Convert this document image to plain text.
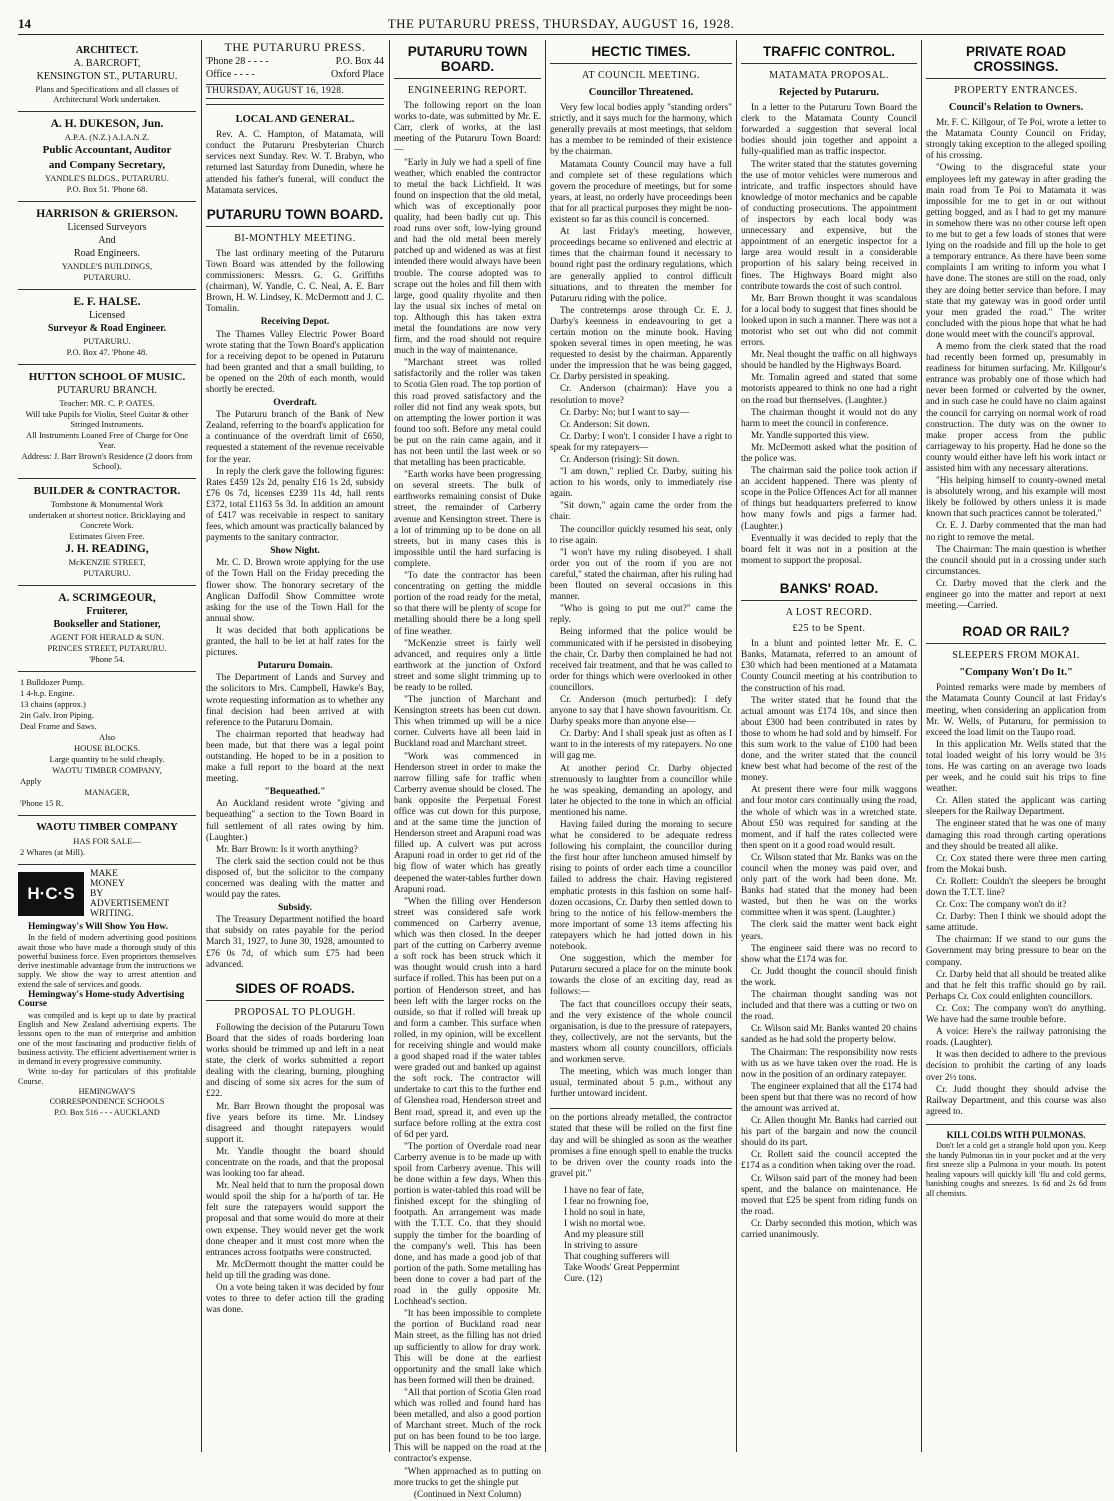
14	THE PUTARURU PRESS, THURSDAY, AUGUST 16, 1928.

ARCHITECT.

A. BARCROFT,

KENSINGTON ST., PUTARURU.

Plans and Specifications and all classes of Architectural Work undertaken.

A. H. DUKESON, Jun.

A.P.A. (N.Z.) A.I.A.N.Z.

Public Accountant, Auditor

and Company Secretary,

YANDLE'S BLDGS., PUTARURU.

P.O. Box 51. 'Phone 68.

HARRISON & GRIERSON.

Licensed Surveyors

And

Road Engineers.

YANDLE'S BUILDINGS,

PUTARURU.

E. F. HALSE.

Licensed

Surveyor & Road Engineer.

PUTARURU.

P.O. Box 47. 'Phone 48.

HUTTON SCHOOL OF MUSIC.

PUTARURU BRANCH.

Teacher: MR. C. P. OATES.

Will take Pupils for Violin, Steel Guitar & other Stringed Instruments.

All Instruments Loaned Free of Charge for One Year.

Address: J. Barr Brown's Residence (2 doors from School).

BUILDER & CONTRACTOR.

Tombstone & Monumental Work

undertaken at shortest notice. Bricklaying and Concrete Work.

Estimates Given Free.

J. H. READING,

McKENZIE STREET,

PUTARURU.

A. SCRIMGEOUR,

Fruiterer,

Bookseller and Stationer,

AGENT FOR HERALD & SUN.

PRINCES STREET, PUTARURU.

'Phone 54.

1 Bulldozer Pump.

1 4-h.p. Engine.

13 chains (approx.)

2in Galv. Iron Piping.

Deal Frame and Saws.

Also

HOUSE BLOCKS.

Large quantity to be sold cheaply.

WAOTU TIMBER COMPANY,

Apply

MANAGER,

'Phone 15 R.

WAOTU TIMBER COMPANY

HAS FOR SALE—

2 Whares (at Mill).

H·C·S
MAKE
MONEY
BY
ADVERTISEMENT
WRITING.

Hemingway's Will Show You How.

In the field of modern advertising good positions await those who have made a thorough study of this powerful business force. Even proprietors themselves derive inestimable advantage from the instructions we supply. We show the way to arrest attention and extend the sale of services and goods.

Hemingway's Home-study Advertising Course

was compiled and is kept up to date by practical English and New Zealand advertising experts. The lessons open to the man of enterprise and ambition one of the most fascinating and productive fields of business activity. The efficient advertisement writer is in demand in every progressive community.

Write to-day for particulars of this profitable Course.

HEMINGWAY'S

CORRESPONDENCE SCHOOLS

P.O. Box 516 - - - AUCKLAND

THE PUTARURU PRESS.
'Phone 28 - - - -	P.O. Box 44
Office - - - -	Oxford Place
THURSDAY, AUGUST 16, 1928.
LOCAL AND GENERAL.

Rev. A. C. Hampton, of Matamata, will conduct the Putaruru Presbyterian Church services next Sunday. Rev. W. T. Brabyn, who returned last Saturday from Dunedin, where he attended his father's funeral, will conduct the Matamata services.

PUTARURU TOWN BOARD.
BI-MONTHLY MEETING.

The last ordinary meeting of the Putaruru Town Board was attended by the following commissioners: Messrs. G. G. Griffiths (chairman), W. Yandle, C. C. Neal, A. E. Barr Brown, H. W. Lindsey, K. McDermott and J. C. Tomalin.

Receiving Depot.

The Thames Valley Electric Power Board wrote stating that the Town Board's application for a receiving depot to be opened in Putaruru had been granted and that a small building, to be opened on the 20th of each month, would shortly be erected.

Overdraft.

The Putaruru branch of the Bank of New Zealand, referring to the board's application for a continuance of the overdraft limit of £650, requested a statement of the revenue receivable for the year.

In reply the clerk gave the following figures: Rates £459 12s 2d, penalty £16 1s 2d, subsidy £76 0s 7d, licenses £239 11s 4d, hall rents £372, total £1163 5s 3d. In addition an amount of £417 was receivable in respect to sanitary fees, which amount was practically balanced by payments to the sanitary contractor.

Show Night.

Mr. C. D. Brown wrote applying for the use of the Town Hall on the Friday preceding the flower show. The honorary secretary of the Anglican Daffodil Show Committee wrote asking for the use of the Town Hall for the annual show.

It was decided that both applications be granted, the hall to be let at half rates for the pictures.

Putaruru Domain.

The Department of Lands and Survey and the solicitors to Mrs. Campbell, Hawke's Bay, wrote requesting information as to whether any final decision had been arrived at with reference to the Putaruru Domain.

The chairman reported that headway had been made, but that there was a legal point outstanding. He hoped to be in a position to make a full report to the board at the next meeting.

"Bequeathed."

An Auckland resident wrote "giving and bequeathing" a section to the Town Board in full settlement of all rates owing by him. (Laughter.)

Mr. Barr Brown: Is it worth anything?

The clerk said the section could not be thus disposed of, but the solicitor to the company concerned was dealing with the matter and would pay the rates.

Subsidy.

The Treasury Department notified the board that subsidy on rates payable for the period March 31, 1927, to June 30, 1928, amounted to £76 0s 7d, of which sum £75 had been advanced.

SIDES OF ROADS.
PROPOSAL TO PLOUGH.

Following the decision of the Putaruru Town Board that the sides of roads bordering loan works should be trimmed up and left in a neat state, the clerk of works submitted a report dealing with the clearing, burning, ploughing and discing of some six acres for the sum of £22.

Mr. Barr Brown thought the proposal was five years before its time. Mr. Lindsey disagreed and thought ratepayers would support it.

Mr. Yandle thought the board should concentrate on the roads, and that the proposal was looking too far ahead.

Mr. Neal held that to turn the proposal down would spoil the ship for a ha'porth of tar. He felt sure the ratepayers would support the proposal and that some would do more at their own expense. They would never get the work done cheaper and it must cost more when the entrances across footpaths were constructed.

Mr. McDermott thought the matter could be held up till the grading was done.

On a vote being taken it was decided by four votes to three to defer action till the grading was done.

PUTARURU TOWN BOARD.
ENGINEERING REPORT.

The following report on the loan works to-date, was submitted by Mr. E. Carr, clerk of works, at the last meeting of the Putaruru Town Board:—

"Early in July we had a spell of fine weather, which enabled the contractor to metal the back Lichfield. It was found on inspection that the old metal, which was of exceptionally poor quality, had been badly cut up. This road runs over soft, low-lying ground and had the old metal been merely patched up and widened as was at first intended there would always have been trouble. The course adopted was to scrape out the holes and fill them with large, good quality rhyolite and then lay the usual six inches of metal on top. Although this has taken extra metal the foundations are now very firm, and the road should not require much in the way of maintenance.

"Marchant street was rolled satisfactorily and the roller was taken to Scotia Glen road. The top portion of this road proved satisfactory and the roller did not find any weak spots, but on attempting the lower portion it was found too soft. Before any metal could be put on the rain came again, and it has not been until the last week or so that metalling has been practicable.

"Earth works have been progressing on several streets. The bulk of earthworks remaining consist of Duke street, the remainder of Carberry avenue and Kensington street. There is a lot of trimming up to be done on all streets, but in many cases this is impossible until the hard surfacing is complete.

"To date the contractor has been concentrating on getting the middle portion of the road ready for the metal, so that there will be plenty of scope for metalling should there be a long spell of fine weather.

"McKenzie street is fairly well advanced, and requires only a little earthwork at the junction of Oxford street and some slight trimming up to be ready to be rolled.

"The junction of Marchant and Kensington streets has been cut down. This when trimmed up will be a nice corner. Culverts have all been laid in Buckland road and Marchant street.

"Work was commenced in Henderson street in order to make the narrow filling safe for traffic when Carberry avenue should be closed. The bank opposite the Perpetual Forest office was cut down for this purpose, and at the same time the junction of Henderson street and Arapuni road was filled up. A culvert was put across Arapuni road in order to get rid of the big flow of water which has greatly deepened the water-tables further down Arapuni road.

"When the filling over Henderson street was considered safe work commenced on Carberry avenue, which was then closed. In the deeper part of the cutting on Carberry avenue a soft rock has been struck which it was thought would crush into a hard surface if rolled. This has been put on a portion of Henderson street, and has been left with the larger rocks on the outside, so that if rolled will break up and form a camber. This surface when rolled, in my opinion, will be excellent for receiving shingle and would make a good shaped road if the water tables were graded out and banked up against the soft rock. The contractor will undertake to cart this to the further end of Glenshea road, Henderson street and Bent road, spread it, and even up the surface before rolling at the extra cost of 6d per yard.

"The portion of Overdale road near Carberry avenue is to be made up with spoil from Carberry avenue. This will be done within a few days. When this portion is water-tabled this road will be finished except for the shingling of footpath. An arrangement was made with the T.T.T. Co. that they should supply the timber for the boarding of the company's well. This has been done, and has made a good job of that portion of the path. Some metalling has been done to cover a bad part of the road in the gully opposite Mr. Lochhead's section.

"It has been impossible to complete the portion of Buckland road near Main street, as the filling has not dried up sufficiently to allow for dray work. This will be done at the earliest opportunity and the small lake which has been formed will then be drained.

"All that portion of Scotia Glen road which was rolled and found hard has been metalled, and also a good portion of Marchant street. Much of the rock put on has been found to be too large. This will be napped on the road at the contractor's expense.

"When approached as to putting on more trucks to get the shingle put

(Continued in Next Column)

HECTIC TIMES.
AT COUNCIL MEETING.
Councillor Threatened.

Very few local bodies apply "standing orders" strictly, and it says much for the harmony, which generally prevails at most meetings, that seldom has a member to be reminded of their existence by the chairman.

Matamata County Council may have a full and complete set of these regulations which govern the procedure of meetings, but for some years, at least, no orderly have proceedings been that for all practical purposes they might be non-existent so far as this council is concerned.

At last Friday's meeting, however, proceedings became so enlivened and electric at times that the chairman found it necessary to bound right past the ordinary regulations, which are generally applied to control difficult situations, and to threaten the member for Putaruru riding with the police.

The contretemps arose through Cr. E. J. Darby's keenness in endeavouring to get a certain motion on the minute book. Having spoken several times in open meeting, he was requested to desist by the chairman. Apparently under the impression that he was being gagged, Cr. Darby persisted in speaking.

Cr. Anderson (chairman): Have you a resolution to move?

Cr. Darby: No; but I want to say—

Cr. Anderson: Sit down.

Cr. Darby: I won't. I consider I have a right to speak for my ratepayers—

Cr. Anderson (rising): Sit down.

"I am down," replied Cr. Darby, suiting his action to his words, only to immediately rise again.

"Sit down," again came the order from the chair.

The councillor quickly resumed his seat, only to rise again.

"I won't have my ruling disobeyed. I shall order you out of the room if you are not careful," stated the chairman, after his ruling had been flouted on several occasions in this manner.

"Who is going to put me out?" came the reply.

Being informed that the police would be communicated with if he persisted in disobeying the chair, Cr. Darby then complained he had not received fair treatment, and that he was called to order for things which were overlooked in other councillors.

Cr. Anderson (much perturbed): I defy anyone to say that I have shown favouritism. Cr. Darby speaks more than anyone else—

Cr. Darby: And I shall speak just as often as I want to in the interests of my ratepayers. No one will gag me.

At another period Cr. Darby objected strenuously to laughter from a councillor while he was speaking, demanding an apology, and later he objected to the tone in which an official mentioned his name.

Having failed during the morning to secure what he considered to be adequate redress following his complaint, the councillor during the first hour after luncheon amused himself by rising to points of order each time a councillor failed to address the chair. Having registered emphatic protests in this fashion on some half-dozen occasions, Cr. Darby then settled down to bring to the notice of his fellow-members the more important of some 13 items affecting his ratepayers which he had jotted down in his notebook.

One suggestion, which the member for Putaruru secured a place for on the minute book towards the close of an exciting day, read as follows:—

The fact that councillors occupy their seats, and the very existence of the whole council organisation, is due to the pressure of ratepayers, they, collectively, are not the servants, but the masters whom all county councillors, officials and workmen serve.

The meeting, which was much longer than usual, terminated about 5 p.m., without any further untoward incident.

on the portions already metalled, the contractor stated that these will be rolled on the first fine day and will be shingled as soon as the weather promises a fine enough spell to enable the trucks to be driven over the county roads into the gravel pit."

I have no fear of fate,
I fear no frowning foe,
I hold no soul in hate,
I wish no mortal woe.
And my pleasure still
In striving to assure
That coughing sufferers will
Take Woods' Great Peppermint
Cure. (12)
TRAFFIC CONTROL.
MATAMATA PROPOSAL.
Rejected by Putaruru.

In a letter to the Putaruru Town Board the clerk to the Matamata County Council forwarded a suggestion that several local bodies should join together and appoint a fully-qualified man as traffic inspector.

The writer stated that the statutes governing the use of motor vehicles were numerous and intricate, and traffic inspectors should have knowledge of motor mechanics and be capable of conducting prosecutions. The appointment of inspectors by each local body was unnecessary and expensive, but the appointment of an energetic inspector for a large area would result in a considerable proportion of his salary being received in fines. The Highways Board might also contribute towards the cost of such control.

Mr. Barr Brown thought it was scandalous for a local body to suggest that fines should be looked upon in such a manner. There was not a motorist who set out who did not commit errors.

Mr. Neal thought the traffic on all highways should be handled by the Highways Board.

Mr. Tomalin agreed and stated that some motorists appeared to think no one had a right on the road but themselves. (Laughter.)

The chairman thought it would not do any harm to meet the council in conference.

Mr. Yandle supported this view.

Mr. McDermott asked what the position of the police was.

The chairman said the police took action if an accident happened. There was plenty of scope in the Police Offences Act for all manner of things but headquarters preferred to know how many fowls and pigs a farmer had. (Laughter.)

Eventually it was decided to reply that the board felt it was not in a position at the moment to support the proposal.

BANKS' ROAD.
A LOST RECORD.
£25 to be Spent.

In a blunt and pointed letter Mr. E. C. Banks, Matamata, referred to an amount of £30 which had been mentioned at a Matamata County Council meeting at his contribution to the construction of his road.

The writer stated that he found that the actual amount was £174 10s, and since then about £300 had been contributed in rates by those to whom he had sold and by himself. For this sum work to the value of £100 had been done, and the writer stated that the council knew best what had become of the rest of the money.

At present there were four milk waggons and four motor cars continually using the road, the whole of which was in a wretched state. About £50 was required for sanding at the moment, and if half the rates collected were then spent on it a good road would result.

Cr. Wilson stated that Mr. Banks was on the council when the money was paid over, and only part of the work had been done. Mr. Banks had stated that the money had been wasted, but then he was on the works committee when it was spent. (Laughter.)

The clerk said the matter went back eight years.

The engineer said there was no record to show what the £174 was for.

Cr. Judd thought the council should finish the work.

The chairman thought sanding was not included and that there was a cutting or two on the road.

Cr. Wilson said Mr. Banks wanted 20 chains sanded as he had sold the property below.

The Chairman: The responsibility now rests with us as we have taken over the road. He is now in the position of an ordinary ratepayer.

The engineer explained that all the £174 had been spent but that there was no record of how the amount was arrived at.

Cr. Allen thought Mr. Banks had carried out his part of the bargain and now the council should do its part.

Cr. Rollett said the council accepted the £174 as a condition when taking over the road.

Cr. Wilson said part of the money had been spent, and the balance on maintenance. He moved that £25 be spent from riding funds on the road.

Cr. Darby seconded this motion, which was carried unanimously.

PRIVATE ROAD CROSSINGS.
PROPERTY ENTRANCES.
Council's Relation to Owners.

Mr. F. C. Killgour, of Te Poi, wrote a letter to the Matamata County Council on Friday, strongly taking exception to the alleged spoiling of his crossing.

"Owing to the disgraceful state your employees left my gateway in after grading the main road from Te Poi to Matamata it was impossible for me to get in or out without getting bogged, and as I had to get my manure in somehow there was no other course left open to me but to get a few loads of stones that were lying on the roadside and fill up the hole to get a temporary entrance. As there have been some complaints I am writing to inform you what I have done. The stones are still on the road, only they are doing better service than before. I may state that my gateway was in good order until your men graded the road." The writer concluded with the pious hope that what he had done would meet with the council's approval.

A memo from the clerk stated that the road had recently been formed up, presumably in readiness for bitumen surfacing. Mr. Killgour's entrance was probably one of those which had never been formed or culverted by the owner, and in such case he could have no claim against the council for carrying on normal work of road construction. The duty was on the owner to make proper access from the public carriageway to his property. Had he done so the county would either have left his work intact or assisted him with any necessary alterations.

"His helping himself to county-owned metal is absolutely wrong, and his example will most likely be followed by others unless it is made known that such practices cannot be tolerated."

Cr. E. J. Darby commented that the man had no right to remove the metal.

The Chairman: The main question is whether the council should put in a crossing under such circumstances.

Cr. Darby moved that the clerk and the engineer go into the matter and report at next meeting.—Carried.

ROAD OR RAIL?
SLEEPERS FROM MOKAI.
"Company Won't Do It."

Pointed remarks were made by members of the Matamata County Council at last Friday's meeting, when considering an application from Mr. W. Wells, of Putaruru, for permission to exceed the load limit on the Taupo road.

In this application Mr. Wells stated that the total loaded weight of his lorry would be 3½ tons. He was carting on an average two loads per week, and he could suit his trips to fine weather.

Cr. Allen stated the applicant was carting sleepers for the Railway Department.

The engineer stated that he was one of many damaging this road through carting operations and they should be treated all alike.

Cr. Cox stated there were three men carting from the Mokai bush.

Cr. Rollett: Couldn't the sleepers be brought down the T.T.T. line?

Cr. Cox: The company won't do it?

Cr. Darby: Then I think we should adopt the same attitude.

The chairman: If we stand to our guns the Government may bring pressure to bear on the company.

Cr. Darby held that all should be treated alike and that he felt this traffic should go by rail. Perhaps Cr. Cox could enlighten councillors.

Cr. Cox: The company won't do anything. We have had the same trouble before.

A voice: Here's the railway patronising the roads. (Laughter).

It was then decided to adhere to the previous decision to prohibit the carting of any loads over 2½ tons.

Cr. Judd thought they should advise the Railway Department, and this course was also agreed to.

KILL COLDS WITH PULMONAS.

Don't let a cold get a strangle hold upon you. Keep the handy Pulmonas tin in your pocket and at the very first sneeze slip a Pulmona in your mouth. Its potent healing vapours will quickly kill 'flu and cold germs, banishing coughs and sneezes. 1s 6d and 2s 6d from all chemists.
